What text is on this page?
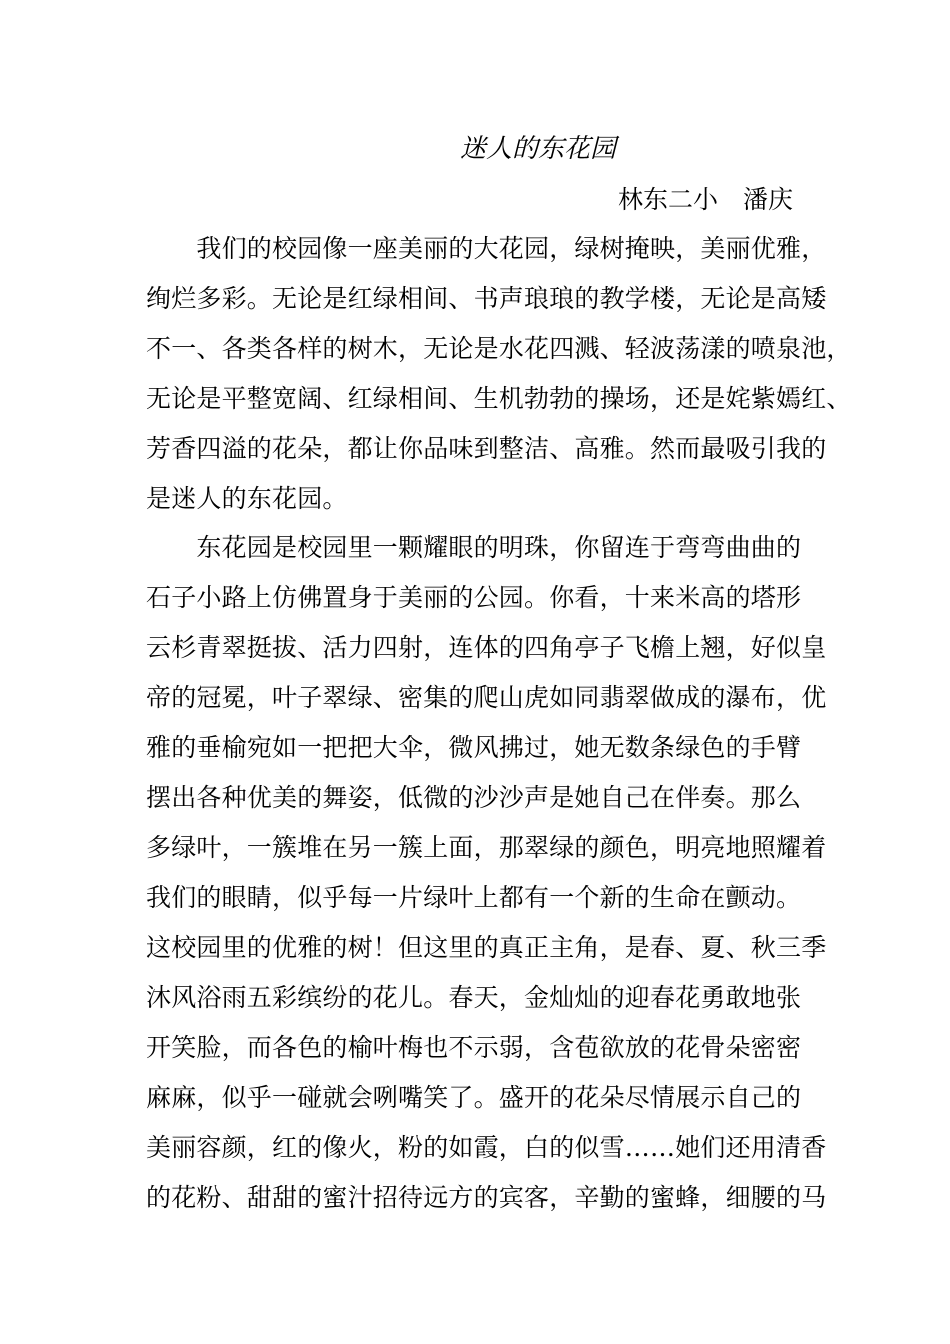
迷人的东花园
林东二小　潘庆
　　我们的校园像一座美丽的大花园，绿树掩映，美丽优雅，
绚烂多彩。无论是红绿相间、书声琅琅的教学楼，无论是高矮
不一、各类各样的树木，无论是水花四溅、轻波荡漾的喷泉池，
无论是平整宽阔、红绿相间、生机勃勃的操场，还是姹紫嫣红、
芳香四溢的花朵，都让你品味到整洁、高雅。然而最吸引我的
是迷人的东花园。
　　东花园是校园里一颗耀眼的明珠，你留连于弯弯曲曲的
石子小路上仿佛置身于美丽的公园。你看，十来米高的塔形
云杉青翠挺拔、活力四射，连体的四角亭子飞檐上翘，好似皇
帝的冠冕，叶子翠绿、密集的爬山虎如同翡翠做成的瀑布，优
雅的垂榆宛如一把把大伞，微风拂过，她无数条绿色的手臂
摆出各种优美的舞姿，低微的沙沙声是她自己在伴奏。那么
多绿叶，一簇堆在另一簇上面，那翠绿的颜色，明亮地照耀着
我们的眼睛，似乎每一片绿叶上都有一个新的生命在颤动。
这校园里的优雅的树！但这里的真正主角，是春、夏、秋三季
沐风浴雨五彩缤纷的花儿。春天，金灿灿的迎春花勇敢地张
开笑脸，而各色的榆叶梅也不示弱，含苞欲放的花骨朵密密
麻麻，似乎一碰就会咧嘴笑了。盛开的花朵尽情展示自己的
美丽容颜，红的像火，粉的如霞，白的似雪……她们还用清香
的花粉、甜甜的蜜汁招待远方的宾客，辛勤的蜜蜂，细腰的马
